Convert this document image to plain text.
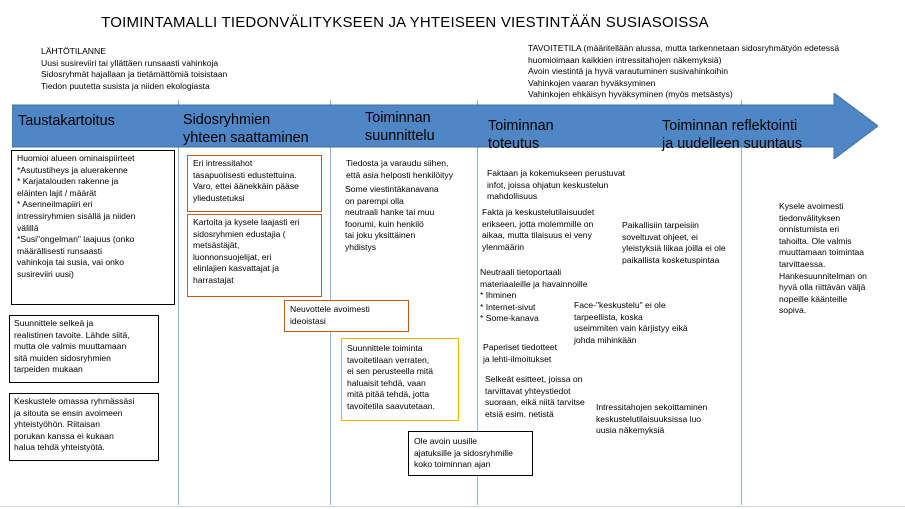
TOIMINTAMALLI TIEDONVÄLITYKSEEN JA YHTEISEEN VIESTINTÄÄN SUSIASOISSA
LÄHTÖTILANNE
Uusi susireviiri tai yllättäen runsaasti vahinkoja
Sidosryhmät hajallaan ja tietämättömiä toisistaan
Tiedon puutetta susista ja niiden ekologiasta
TAVOITETILA (määritellään alussa, mutta tarkennetaan sidosryhmätyön edetessä
huomioimaan kaikkien intressitahojen näkemyksiä)
Avoin viestintä ja hyvä varautuminen susivahinkoihin
Vahinkojen vaaran hyväksyminen
Vahinkojen ehkäisyn hyväksyminen (myös metsästys)
Taustakartoitus	Sidosryhmien
yhteen saattaminen
Toiminnan
suunnittelu
Toiminnan
toteutus
Toiminnan reflektointi
ja uudelleen suuntaus
Huomioi alueen ominaispiirteet
*Asutustiheys ja aluerakenne
* Karjatalouden rakenne ja
eläinten lajit / määrät
* Asenneilmapiiri eri
intressiryhmien sisällä ja niiden
välillä
*Susi"ongelman" laajuus (onko
määrällisesti runsaasti
vahinkoja tai susia, vai onko
susireviiri uusi)
Suunnittele selkeä ja
realistinen tavoite. Lähde siitä,
mutta ole valmis muuttamaan
sitä muiden sidosryhmien
tarpeiden mukaan
Keskustele omassa ryhmässäsi
ja sitouta se ensin avoimeen
yhteistyöhön. Riitaisan
porukan kanssa ei kukaan
halua tehdä yhteistyötä.
Eri intressitahot
tasapuolisesti edustettuina.
Varo, ettei äänekkäin pääse
yliedustetuksi
Kartoita ja kysele laajasti eri
sidosryhmien edustajia (
metsästäjät,
luonnonsuojelijat, eri
elinlajien kasvattajat ja
harrastajat
Neuvottele avoimesti
ideoistasi
Tiedosta ja varaudu siihen,
että asia helposti henkilöityy
Some viestintäkanavana
on parempi olla
neutraali hanke tai muu
foorumi, kuin henkilö
tai joku yksittäinen
yhdistys
Suunnittele toiminta
tavoitetilaan verraten,
ei sen perusteella mitä
haluaisit tehdä, vaan
mitä pitää tehdä, jotta
tavoitetila saavutetaan.
Ole avoin uusille
ajatuksille ja sidosryhmille
koko toiminnan ajan
Faktaan ja kokemukseen perustuvat
infot, joissa ohjatun keskustelun
mahdollisuus
Fakta ja keskustelutilaisuudet
erikseen, jotta molemmille on
aikaa, mutta tilaisuus ei veny
ylenmäärin
Neutraali tietoportaali
materiaaleille ja havainnoille
* Ihminen
* Internet-sivut
* Some-kanava
Paperiset tiedotteet
ja lehti-ilmoitukset
Selkeät esitteet, joissa on
tarvittavat yhteystiedot
suoraan, eikä niitä tarvitse
etsiä esim. netistä
Paikallisiin tarpeisiin
soveltuvat ohjeet, ei
yleistyksiä liikaa joilla ei ole
paikallista kosketuspintaa
Face-"keskustelu" ei ole
tarpeellista, koska
useimmiten vain kärjistyy eikä
johda mihinkään
Intressitahojen sekoittaminen
keskustelutilaisuuksissa luo
uusia näkemyksiä
Kysele avoimesti
tiedonvälityksen
onnistumista eri
tahoilta. Ole valmis
muuttamaan toimintaa
tarvittaessa.
Hankesuunnitelman on
hyvä olla riittävän väljä
nopeille käänteille
sopiva.
